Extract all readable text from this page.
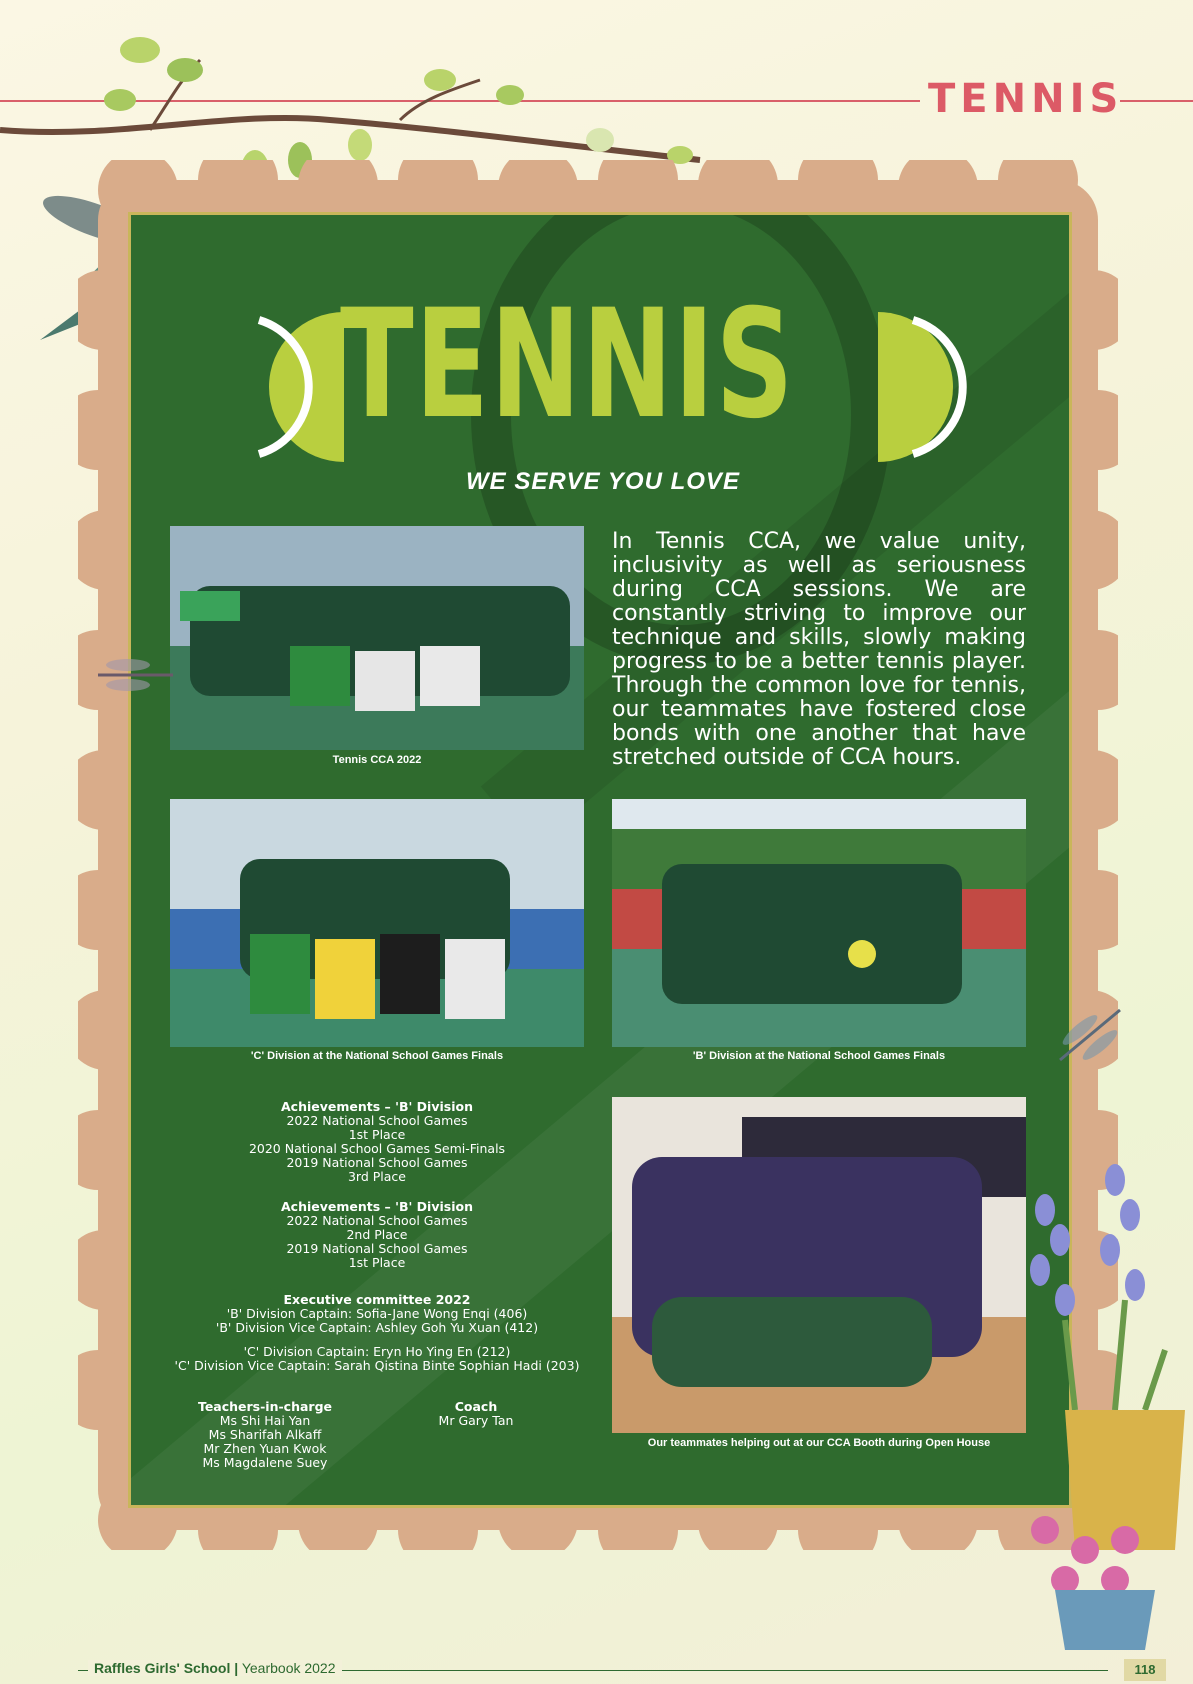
TENNIS
TENNIS
WE SERVE YOU LOVE
Tennis CCA 2022
In Tennis CCA, we value unity, inclusivity as well as seriousness during CCA sessions. We are constantly striving to improve our technique and skills, slowly making progress to be a better tennis player. Through the common love for tennis, our teammates have fostered close bonds with one another that have stretched outside of CCA hours.
'C' Division at the National School Games Finals	'B' Division at the National School Games Finals
Our teammates helping out at our CCA Booth during Open House
Achievements – 'B' Division
2022 National School Games
1st Place
2020 National School Games Semi-Finals
2019 National School Games
3rd Place
Achievements – 'B' Division
2022 National School Games
2nd Place
2019 National School Games
1st Place
Executive committee 2022
'B' Division Captain: Sofia-Jane Wong Enqi (406)
'B' Division Vice Captain: Ashley Goh Yu Xuan (412)
'C' Division Captain: Eryn Ho Ying En (212)
'C' Division Vice Captain: Sarah Qistina Binte Sophian Hadi (203)
Teachers-in-charge
Ms Shi Hai Yan
Ms Sharifah Alkaff
Mr Zhen Yuan Kwok
Ms Magdalene Suey
Coach
Mr Gary Tan
Raffles Girls' School | Yearbook 2022	118
